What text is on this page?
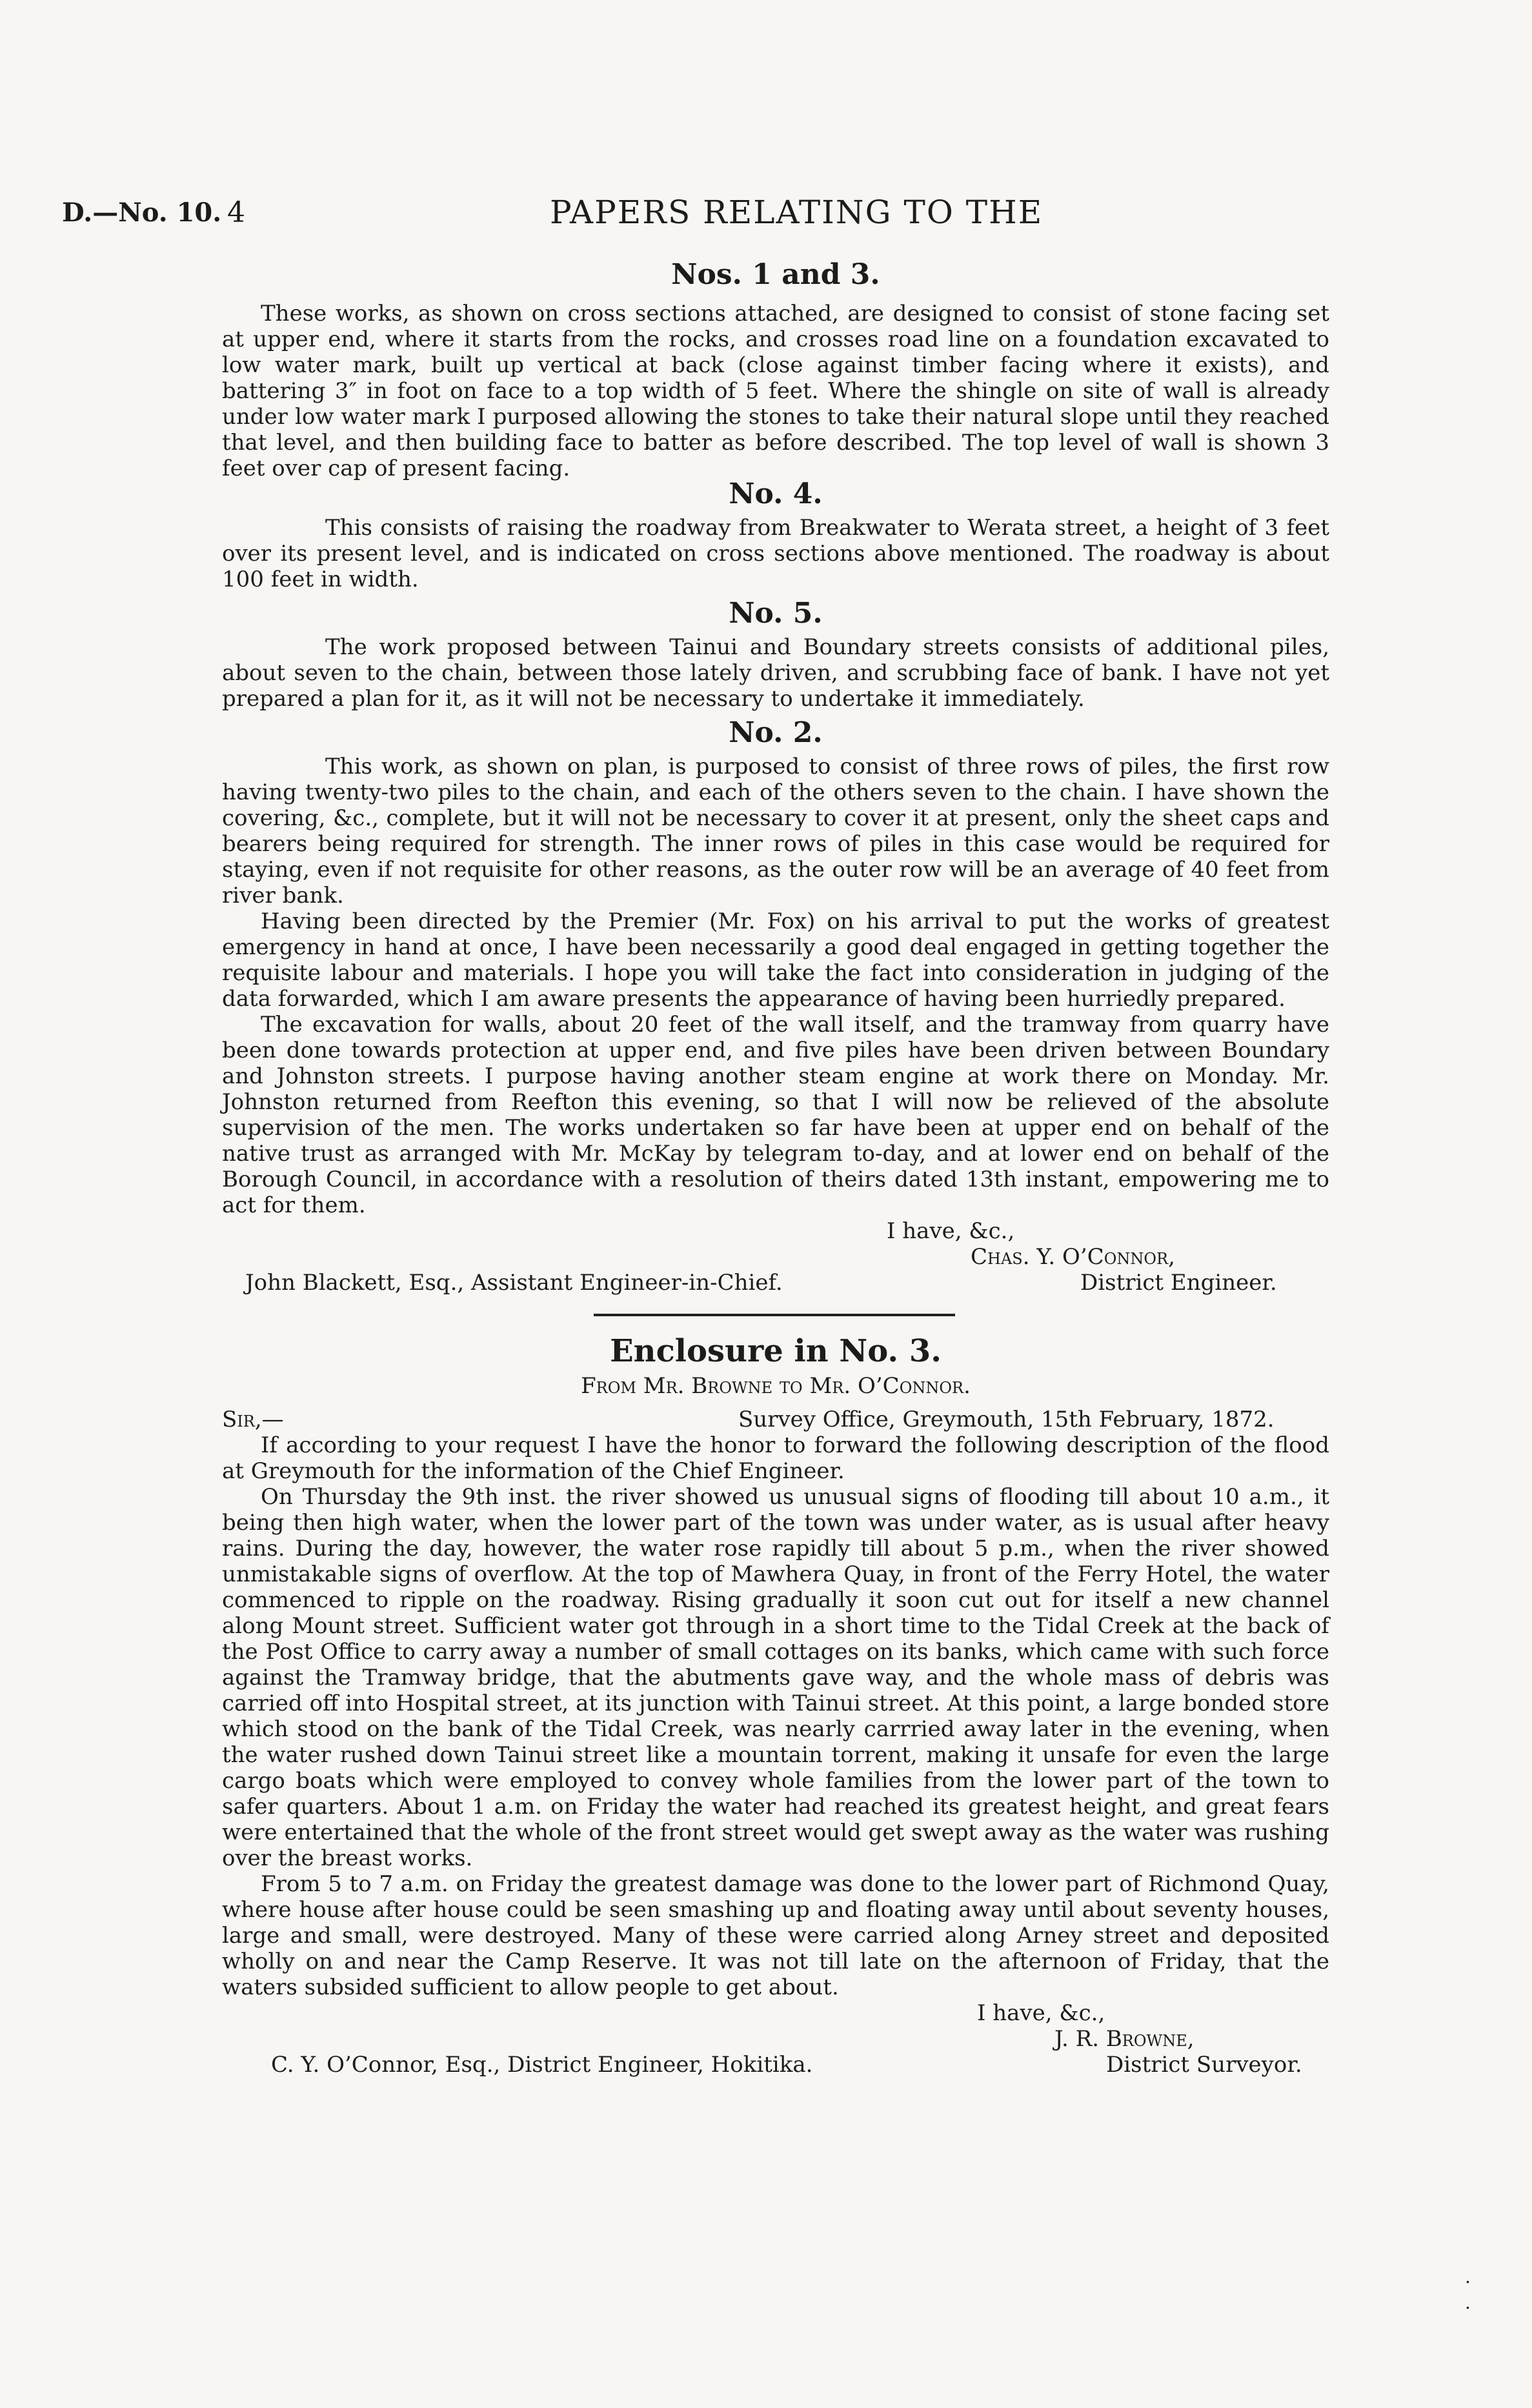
D.—No. 10. 4	PAPERS RELATING TO THE
Nos. 1 and 3.

These works, as shown on cross sections attached, are designed to consist of stone facing set at upper end, where it starts from the rocks, and crosses road line on a foundation excavated to low water mark, built up vertical at back (close against timber facing where it exists), and battering 3″ in foot on face to a top width of 5 feet. Where the shingle on site of wall is already under low water mark I purposed allowing the stones to take their natural slope until they reached that level, and then building face to batter as before described. The top level of wall is shown 3 feet over cap of present facing.

No. 4.

This consists of raising the roadway from Breakwater to Werata street, a height of 3 feet over its present level, and is indicated on cross sections above mentioned. The roadway is about 100 feet in width.

No. 5.

The work proposed between Tainui and Boundary streets consists of additional piles, about seven to the chain, between those lately driven, and scrubbing face of bank. I have not yet prepared a plan for it, as it will not be necessary to undertake it immediately.

No. 2.

This work, as shown on plan, is purposed to consist of three rows of piles, the first row having twenty-two piles to the chain, and each of the others seven to the chain. I have shown the covering, &c., complete, but it will not be necessary to cover it at present, only the sheet caps and bearers being required for strength. The inner rows of piles in this case would be required for staying, even if not requisite for other reasons, as the outer row will be an average of 40 feet from river bank.

Having been directed by the Premier (Mr. Fox) on his arrival to put the works of greatest emergency in hand at once, I have been necessarily a good deal engaged in getting together the requisite labour and materials. I hope you will take the fact into consideration in judging of the data forwarded, which I am aware presents the appearance of having been hurriedly prepared.

The excavation for walls, about 20 feet of the wall itself, and the tramway from quarry have been done towards protection at upper end, and five piles have been driven between Boundary and Johnston streets. I purpose having another steam engine at work there on Monday. Mr. Johnston returned from Reefton this evening, so that I will now be relieved of the absolute supervision of the men. The works undertaken so far have been at upper end on behalf of the native trust as arranged with Mr. McKay by telegram to-day, and at lower end on behalf of the Borough Council, in accordance with a resolution of theirs dated 13th instant, empowering me to act for them.

I have, &c.,
Chas. Y. O’Connor,
John Blackett, Esq., Assistant Engineer-in-Chief.	District Engineer.
Enclosure in No. 3.
From Mr. Browne to Mr. O’Connor.
Sir,—	Survey Office, Greymouth, 15th February, 1872.

If according to your request I have the honor to forward the following description of the flood at Greymouth for the information of the Chief Engineer.

On Thursday the 9th inst. the river showed us unusual signs of flooding till about 10 a.m., it being then high water, when the lower part of the town was under water, as is usual after heavy rains. During the day, however, the water rose rapidly till about 5 p.m., when the river showed unmistakable signs of overflow. At the top of Mawhera Quay, in front of the Ferry Hotel, the water commenced to ripple on the roadway. Rising gradually it soon cut out for itself a new channel along Mount street. Sufficient water got through in a short time to the Tidal Creek at the back of the Post Office to carry away a number of small cottages on its banks, which came with such force against the Tramway bridge, that the abutments gave way, and the whole mass of debris was carried off into Hospital street, at its junction with Tainui street. At this point, a large bonded store which stood on the bank of the Tidal Creek, was nearly carrried away later in the evening, when the water rushed down Tainui street like a mountain torrent, making it unsafe for even the large cargo boats which were employed to convey whole families from the lower part of the town to safer quarters. About 1 a.m. on Friday the water had reached its greatest height, and great fears were entertained that the whole of the front street would get swept away as the water was rushing over the breast works.

From 5 to 7 a.m. on Friday the greatest damage was done to the lower part of Richmond Quay, where house after house could be seen smashing up and floating away until about seventy houses, large and small, were destroyed. Many of these were carried along Arney street and deposited wholly on and near the Camp Reserve. It was not till late on the afternoon of Friday, that the waters subsided sufficient to allow people to get about.

I have, &c.,
J. R. Browne,
C. Y. O’Connor, Esq., District Engineer, Hokitika.	District Surveyor.
.
.
